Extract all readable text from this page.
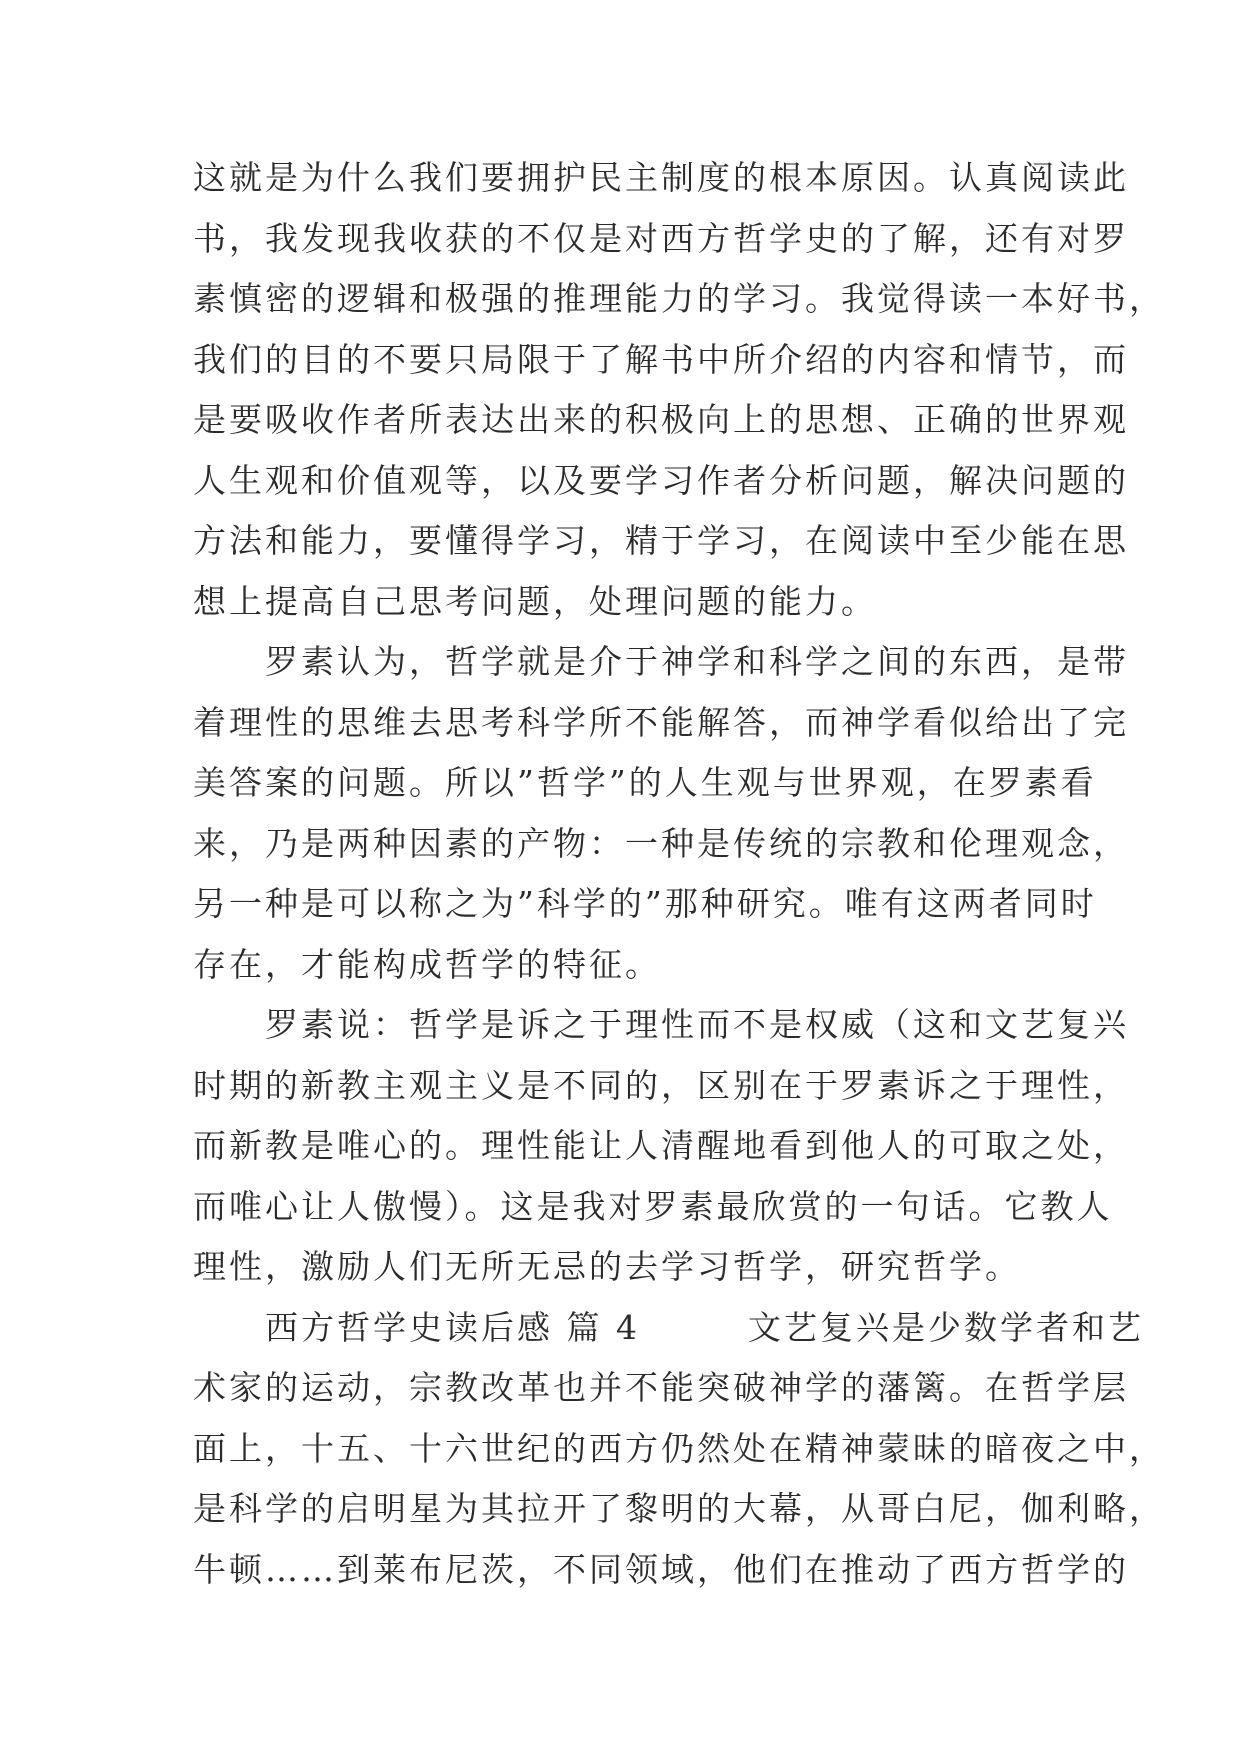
这就是为什么我们要拥护民主制度的根本原因。认真阅读此
书，我发现我收获的不仅是对西方哲学史的了解，还有对罗
素慎密的逻辑和极强的推理能力的学习。我觉得读一本好书，
我们的目的不要只局限于了解书中所介绍的内容和情节，而
是要吸收作者所表达出来的积极向上的思想、正确的世界观
人生观和价值观等，以及要学习作者分析问题，解决问题的
方法和能力，要懂得学习，精于学习，在阅读中至少能在思
想上提高自己思考问题，处理问题的能力。
　　罗素认为，哲学就是介于神学和科学之间的东西，是带
着理性的思维去思考科学所不能解答，而神学看似给出了完
美答案的问题。所以”哲学”的人生观与世界观，在罗素看
来，乃是两种因素的产物：一种是传统的宗教和伦理观念，
另一种是可以称之为”科学的”那种研究。唯有这两者同时
存在，才能构成哲学的特征。
　　罗素说：哲学是诉之于理性而不是权威（这和文艺复兴
时期的新教主观主义是不同的，区别在于罗素诉之于理性，
而新教是唯心的。理性能让人清醒地看到他人的可取之处，
而唯心让人傲慢）。这是我对罗素最欣赏的一句话。它教人
理性，激励人们无所无忌的去学习哲学，研究哲学。
　　西方哲学史读后感 篇 4　　　文艺复兴是少数学者和艺
术家的运动，宗教改革也并不能突破神学的藩篱。在哲学层
面上，十五、十六世纪的西方仍然处在精神蒙昧的暗夜之中，
是科学的启明星为其拉开了黎明的大幕，从哥白尼，伽利略，
牛顿……到莱布尼茨，不同领域，他们在推动了西方哲学的
